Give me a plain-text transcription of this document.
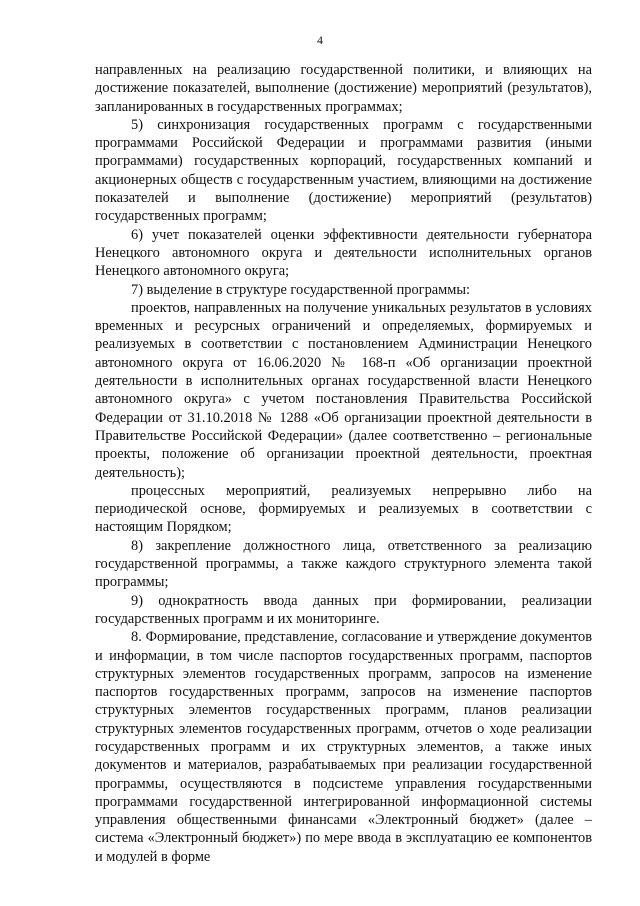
4

направленных на реализацию государственной политики, и влияющих на достижение показателей, выполнение (достижение) мероприятий (результатов), запланированных в государственных программах;

5) синхронизация государственных программ с государственными программами Российской Федерации и программами развития (иными программами) государственных корпораций, государственных компаний и акционерных обществ с государственным участием, влияющими на достижение показателей и выполнение (достижение) мероприятий (результатов) государственных программ;

6) учет показателей оценки эффективности деятельности губернатора Ненецкого автономного округа и деятельности исполнительных органов Ненецкого автономного округа;

7) выделение в структуре государственной программы:

проектов, направленных на получение уникальных результатов в условиях временных и ресурсных ограничений и определяемых, формируемых и реализуемых в соответствии с постановлением Администрации Ненецкого автономного округа от 16.06.2020 № 168-п «Об организации проектной деятельности в исполнительных органах государственной власти Ненецкого автономного округа» с учетом постановления Правительства Российской Федерации от 31.10.2018 № 1288 «Об организации проектной деятельности в Правительстве Российской Федерации» (далее соответственно – региональные проекты, положение об организации проектной деятельности, проектная деятельность);

процессных мероприятий, реализуемых непрерывно либо на периодической основе, формируемых и реализуемых в соответствии с настоящим Порядком;

8) закрепление должностного лица, ответственного за реализацию государственной программы, а также каждого структурного элемента такой программы;

9) однократность ввода данных при формировании, реализации государственных программ и их мониторинге.

8. Формирование, представление, согласование и утверждение документов и информации, в том числе паспортов государственных программ, паспортов структурных элементов государственных программ, запросов на изменение паспортов государственных программ, запросов на изменение паспортов структурных элементов государственных программ, планов реализации структурных элементов государственных программ, отчетов о ходе реализации государственных программ и их структурных элементов, а также иных документов и материалов, разрабатываемых при реализации государственной программы, осуществляются в подсистеме управления государственными программами государственной интегрированной информационной системы управления общественными финансами «Электронный бюджет» (далее – система «Электронный бюджет») по мере ввода в эксплуатацию ее компонентов и модулей в форме
